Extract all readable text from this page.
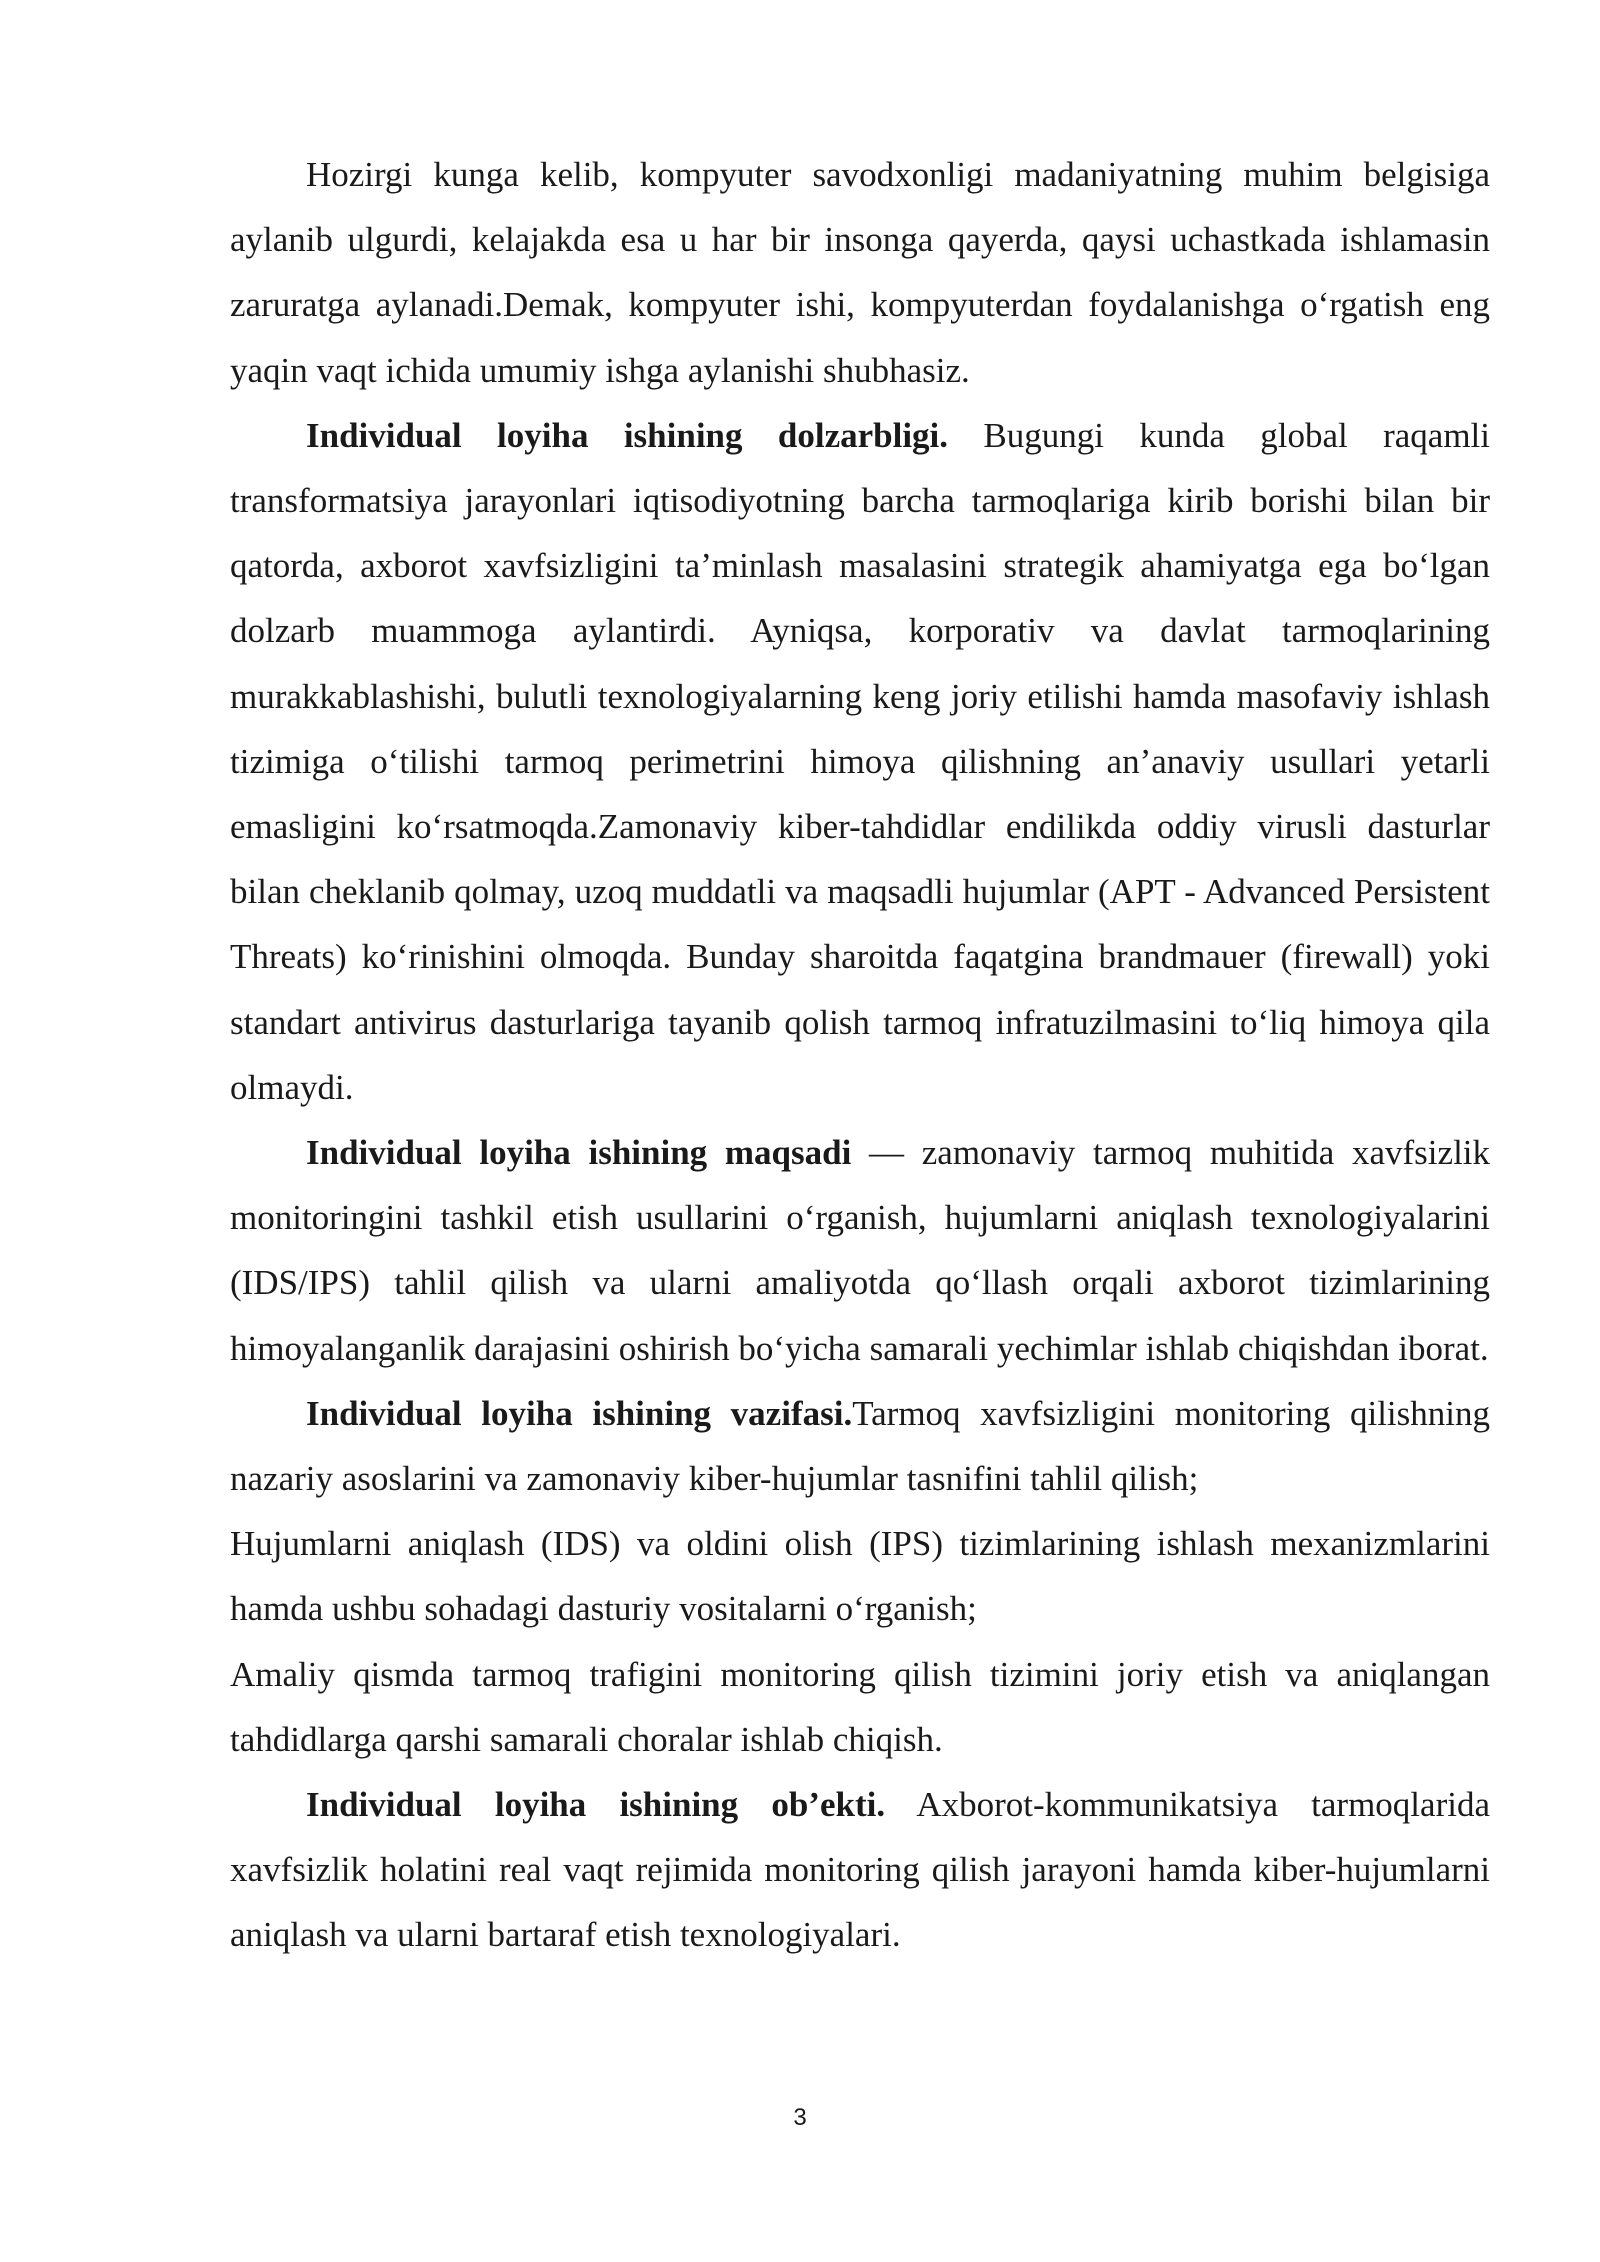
Hozirgi kunga kelib, kompyuter savodxonligi madaniyatning muhim belgisiga aylanib ulgurdi, kelajakda esa u har bir insonga qayerda, qaysi uchastkada ishlamasin zaruratga aylanadi.Demak, kompyuter ishi, kompyuterdan foydalanishga o‘rgatish eng yaqin vaqt ichida umumiy ishga aylanishi shubhasiz.

Individual loyiha ishining dolzarbligi. Bugungi kunda global raqamli transformatsiya jarayonlari iqtisodiyotning barcha tarmoqlariga kirib borishi bilan bir qatorda, axborot xavfsizligini ta’minlash masalasini strategik ahamiyatga ega bo‘lgan dolzarb muammoga aylantirdi. Ayniqsa, korporativ va davlat tarmoqlarining murakkablashishi, bulutli texnologiyalarning keng joriy etilishi hamda masofaviy ishlash tizimiga o‘tilishi tarmoq perimetrini himoya qilishning an’anaviy usullari yetarli emasligini ko‘rsatmoqda.Zamonaviy kiber-tahdidlar endilikda oddiy virusli dasturlar bilan cheklanib qolmay, uzoq muddatli va maqsadli hujumlar (APT - Advanced Persistent Threats) ko‘rinishini olmoqda. Bunday sharoitda faqatgina brandmauer (firewall) yoki standart antivirus dasturlariga tayanib qolish tarmoq infratuzilmasini to‘liq himoya qila olmaydi.

Individual loyiha ishining maqsadi — zamonaviy tarmoq muhitida xavfsizlik monitoringini tashkil etish usullarini o‘rganish, hujumlarni aniqlash texnologiyalarini (IDS/IPS) tahlil qilish va ularni amaliyotda qo‘llash orqali axborot tizimlarining himoyalanganlik darajasini oshirish bo‘yicha samarali yechimlar ishlab chiqishdan iborat.

Individual loyiha ishining vazifasi.Tarmoq xavfsizligini monitoring qilishning nazariy asoslarini va zamonaviy kiber-hujumlar tasnifini tahlil qilish;

Hujumlarni aniqlash (IDS) va oldini olish (IPS) tizimlarining ishlash mexanizmlarini hamda ushbu sohadagi dasturiy vositalarni o‘rganish;

Amaliy qismda tarmoq trafigini monitoring qilish tizimini joriy etish va aniqlangan tahdidlarga qarshi samarali choralar ishlab chiqish.

Individual loyiha ishining ob’ekti. Axborot-kommunikatsiya tarmoqlarida xavfsizlik holatini real vaqt rejimida monitoring qilish jarayoni hamda kiber-hujumlarni aniqlash va ularni bartaraf etish texnologiyalari.

3
